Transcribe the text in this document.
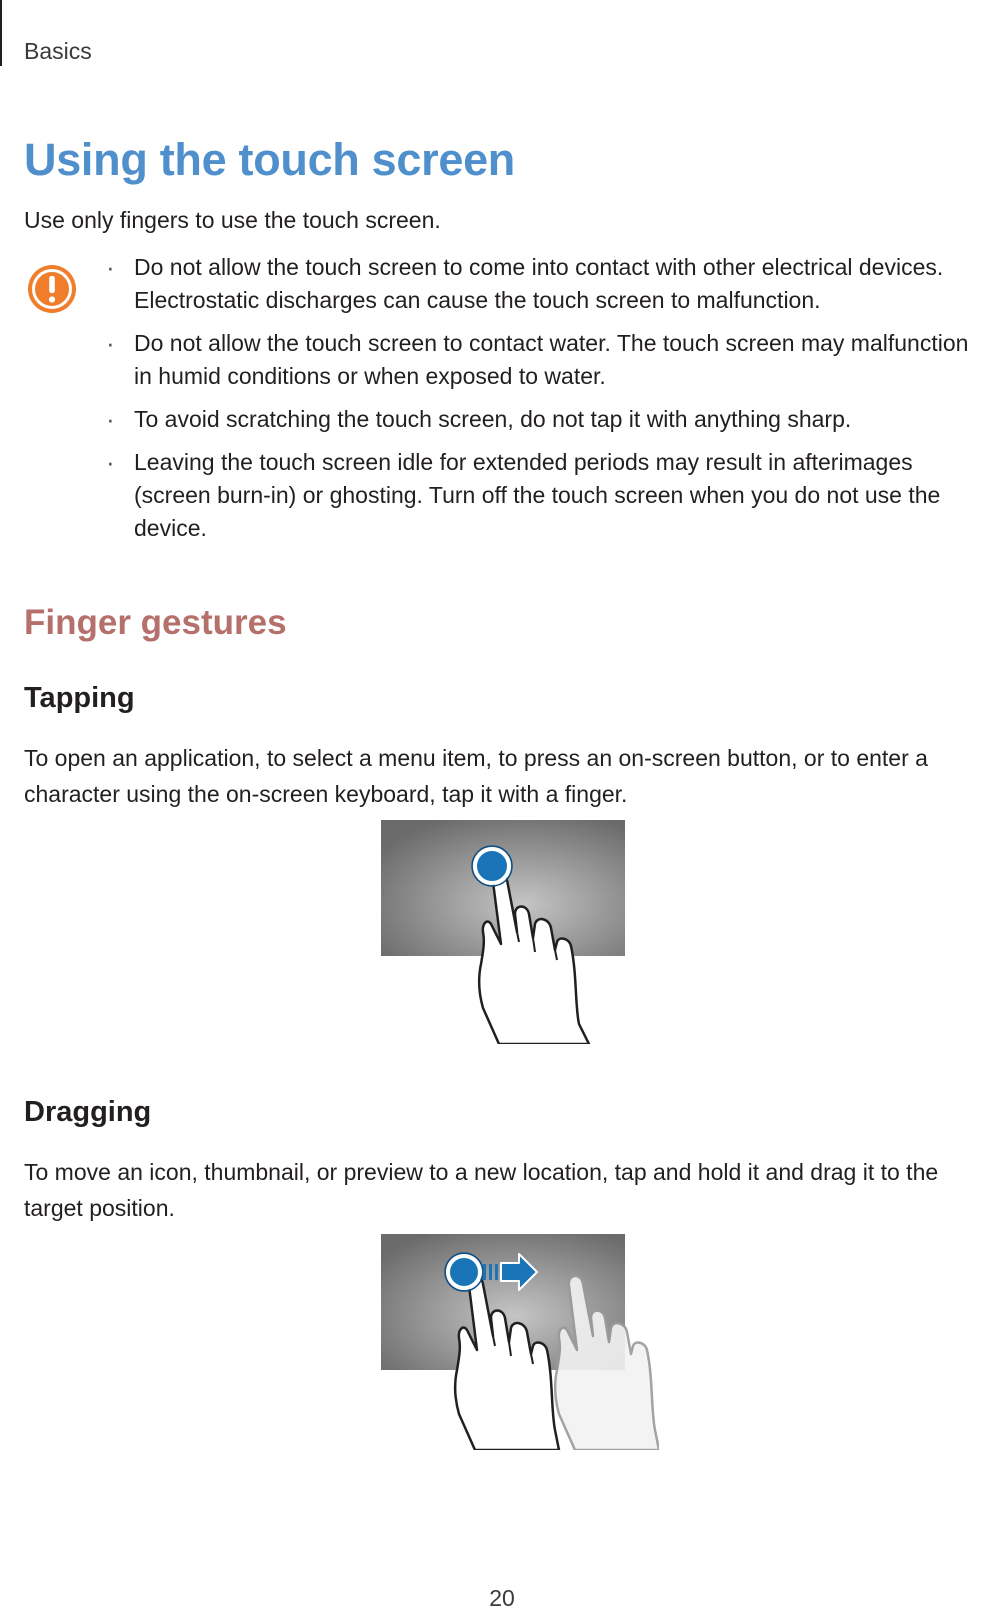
Basics
Using the touch screen

Use only fingers to use the touch screen.

· Do not allow the touch screen to come into contact with other electrical devices. Electrostatic discharges can cause the touch screen to malfunction.
· Do not allow the touch screen to contact water. The touch screen may malfunction in humid conditions or when exposed to water.
· To avoid scratching the touch screen, do not tap it with anything sharp.
· Leaving the touch screen idle for extended periods may result in afterimages (screen burn-in) or ghosting. Turn off the touch screen when you do not use the device.
Finger gestures
Tapping

To open an application, to select a menu item, to press an on-screen button, or to enter a character using the on-screen keyboard, tap it with a finger.

Dragging

To move an icon, thumbnail, or preview to a new location, tap and hold it and drag it to the target position.

20
